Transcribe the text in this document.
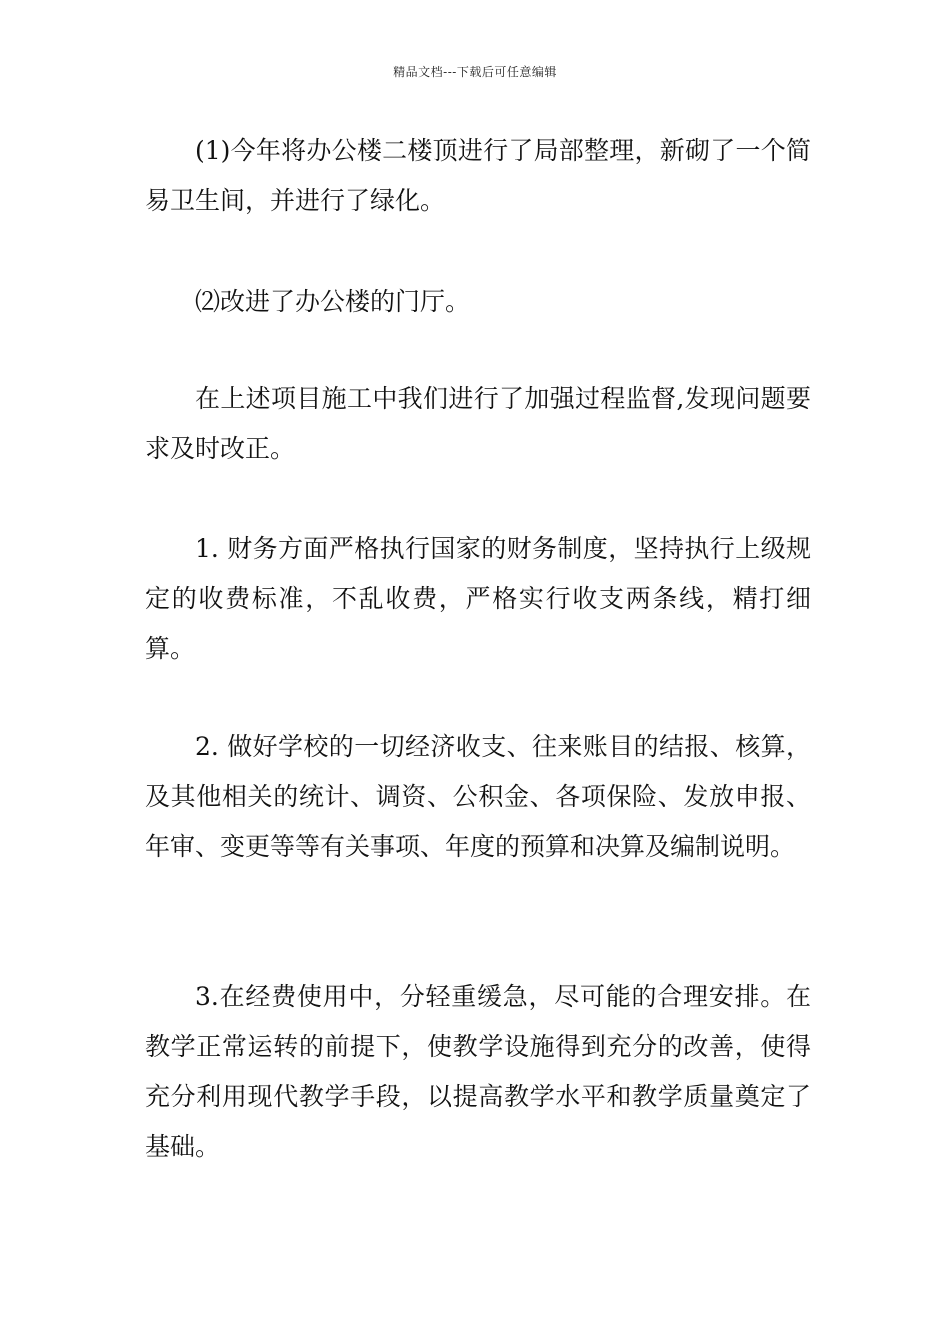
精品文档---下载后可任意编辑

(1)今年将办公楼二楼顶进行了局部整理，新砌了一个简易卫生间，并进行了绿化。

⑵改进了办公楼的门厅。

在上述项目施工中我们进行了加强过程监督,发现问题要求及时改正。

1. 财务方面严格执行国家的财务制度，坚持执行上级规定的收费标准，不乱收费，严格实行收支两条线，精打细算。

2. 做好学校的一切经济收支、往来账目的结报、核算，及其他相关的统计、调资、公积金、各项保险、发放申报、年审、变更等等有关事项、年度的预算和决算及编制说明。

3.在经费使用中，分轻重缓急，尽可能的合理安排。在教学正常运转的前提下，使教学设施得到充分的改善，使得充分利用现代教学手段，以提高教学水平和教学质量奠定了基础。
